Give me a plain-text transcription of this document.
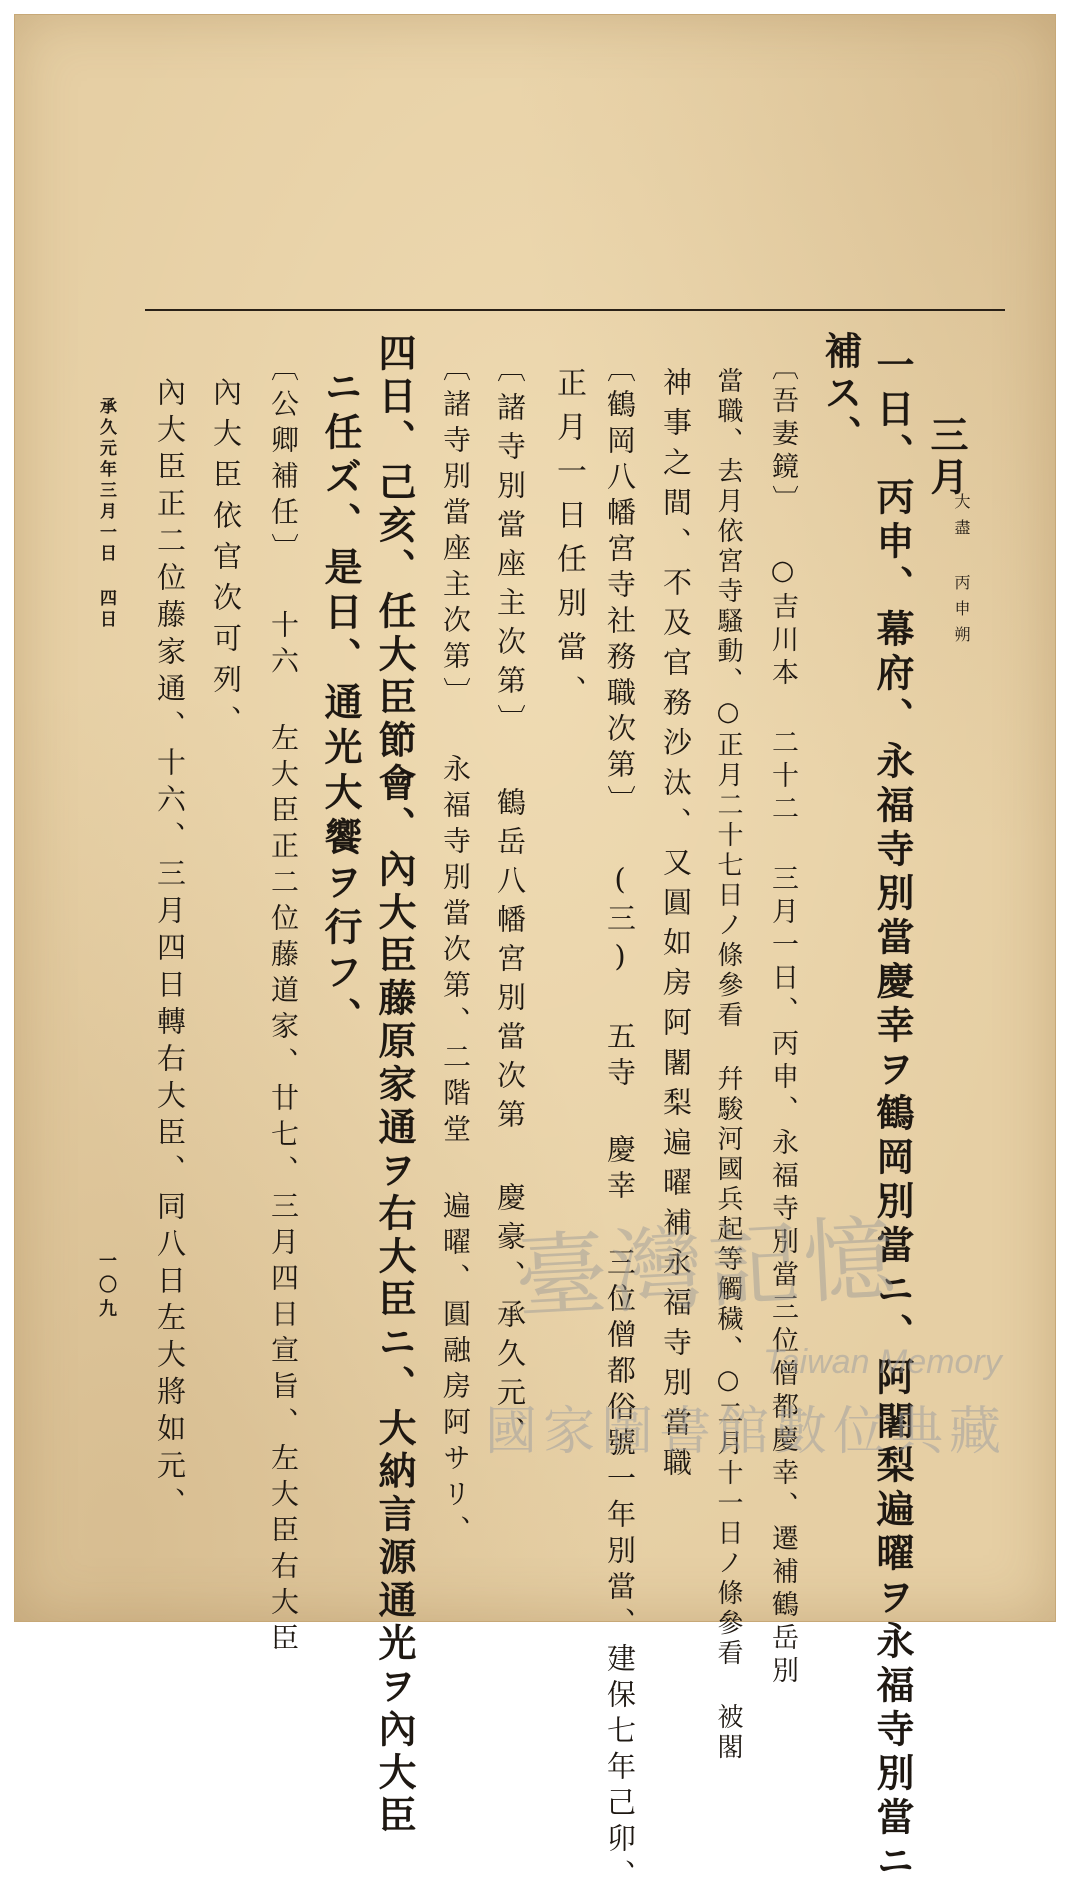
三月
大盡 丙申朔
一日、丙申、幕府、永福寺別當慶幸ヲ鶴岡別當ニ、阿闍梨遍曜ヲ永福寺別當ニ
補ス、
〔吾妻鏡〕 ○吉川本 二十二 三月一日、丙申、永福寺別當三位僧都慶幸、遷補鶴岳別
當職、去月依宮寺騷動、○正月二十七日ノ條參看 幷駿河國兵起等觸穢、○二月十一日ノ條參看 被閣
神事之間、不及官務沙汰、又圓如房阿闍梨遍曜補永福寺別當職
〔鶴岡八幡宮寺社務職次第〕 (三) 五寺 慶幸 三位僧都俗號一年別當、建保七年己卯、
正月一日任別當、
〔諸寺別當座主次第〕 鶴岳八幡宮別當次第 慶豪、承久元、
〔諸寺別當座主次第〕 永福寺別當次第、二階堂 遍曜、圓融房阿サリ、
四日、己亥、任大臣節會、內大臣藤原家通ヲ右大臣ニ、大納言源通光ヲ內大臣
ニ任ズ、是日、通光大饗ヲ行フ、
〔公卿補任〕 十六 左大臣正二位藤道家、廿七、三月四日宣旨、左大臣右大臣
內大臣依官次可列、
內大臣正二位藤家通、十六、三月四日轉右大臣、同八日左大將如元、
承久元年三月一日 四日
一〇九	臺灣記憶
Taiwan Memory
國家圖書館數位典藏
